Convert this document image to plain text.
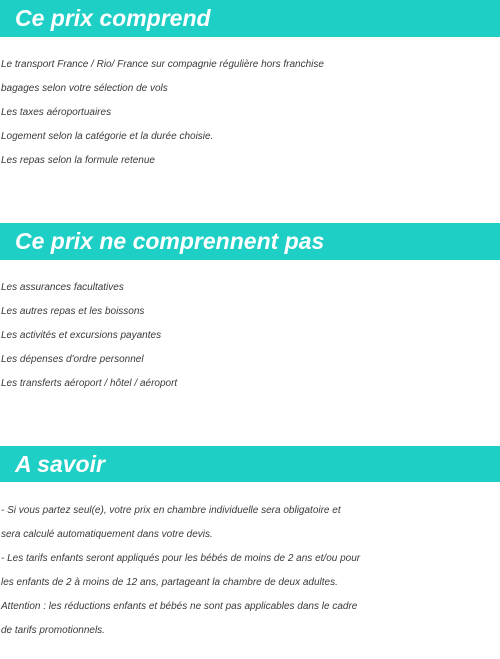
Ce prix comprend
Le transport France / Rio/ France sur compagnie régulière hors franchise
bagages selon votre sélection de vols
Les taxes aéroportuaires
Logement selon la catégorie et la durée choisie.
Les repas selon la formule retenue
Ce prix ne comprennent pas
Les assurances facultatives
Les autres repas et les boissons
Les activités et excursions payantes
Les dépenses d'ordre personnel
Les transferts aéroport / hôtel / aéroport
A savoir
- Si vous partez seul(e), votre prix en chambre individuelle sera obligatoire et
sera calculé automatiquement dans votre devis.
- Les tarifs enfants seront appliqués pour les bébés de moins de 2 ans et/ou pour
les enfants de 2 à moins de 12 ans, partageant la chambre de deux adultes.
Attention : les réductions enfants et bébés ne sont pas applicables dans le cadre
de tarifs promotionnels.
